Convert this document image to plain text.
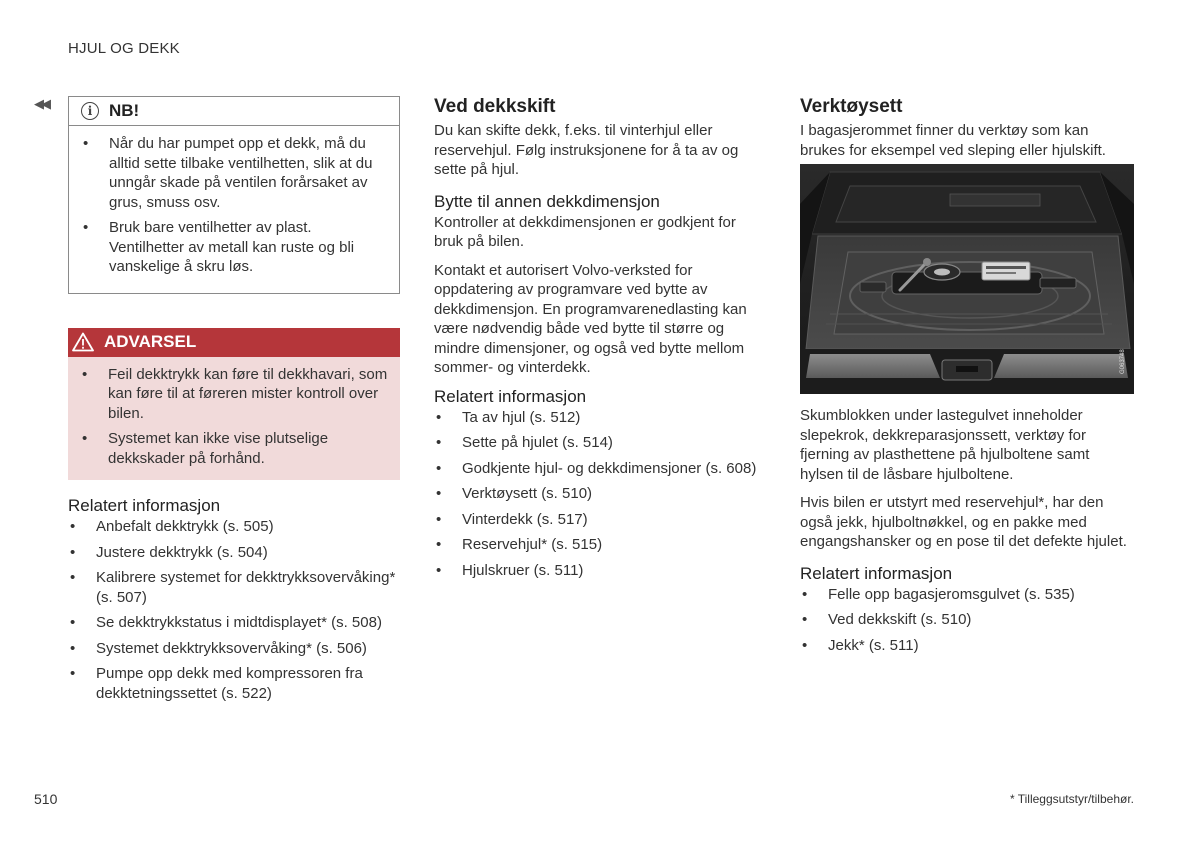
HJUL OG DEKK
◀◀	i NB!
• Når du har pumpet opp et dekk, må du alltid sette tilbake ventilhetten, slik at du unngår skade på ventilen forårsaket av grus, smuss osv.
• Bruk bare ventilhetter av plast. Ventilhetter av metall kan ruste og bli vanskelige å skru løs.
ADVARSEL
• Feil dekktrykk kan føre til dekkhavari, som kan føre til at føreren mister kontroll over bilen.
• Systemet kan ikke vise plutselige dekkskader på forhånd.
Relatert informasjon
• Anbefalt dekktrykk (s. 505)
• Justere dekktrykk (s. 504)
• Kalibrere systemet for dekktrykksovervåking* (s. 507)
• Se dekktrykkstatus i midtdisplayet* (s. 508)
• Systemet dekktrykksovervåking* (s. 506)
• Pumpe opp dekk med kompressoren fra dekktetningssettet (s. 522)
Ved dekkskift

Du kan skifte dekk, f.eks. til vinterhjul eller reservehjul. Følg instruksjonene for å ta av og sette på hjul.

Bytte til annen dekkdimensjon

Kontroller at dekkdimensjonen er godkjent for bruk på bilen.

Kontakt et autorisert Volvo-verksted for oppdatering av programvare ved bytte av dekkdimensjon. En programvarenedlasting kan være nødvendig både ved bytte til større og mindre dimensjoner, og også ved bytte mellom sommer- og vinterdekk.

Relatert informasjon
• Ta av hjul (s. 512)
• Sette på hjulet (s. 514)
• Godkjente hjul- og dekkdimensjoner (s. 608)
• Verktøysett (s. 510)
• Vinterdekk (s. 517)
• Reservehjul* (s. 515)
• Hjulskruer (s. 511)
Verktøysett

I bagasjerommet finner du verktøy som kan brukes for eksempel ved sleping eller hjulskift.

G063748

Skumblokken under lastegulvet inneholder slepekrok, dekkreparasjonssett, verktøy for fjerning av plasthettene på hjulboltene samt hylsen til de låsbare hjulboltene.

Hvis bilen er utstyrt med reservehjul*, har den også jekk, hjulboltnøkkel, og en pakke med engangshansker og en pose til det defekte hjulet.

Relatert informasjon
• Felle opp bagasjeromsgulvet (s. 535)
• Ved dekkskift (s. 510)
• Jekk* (s. 511)
510	* Tilleggsutstyr/tilbehør.
